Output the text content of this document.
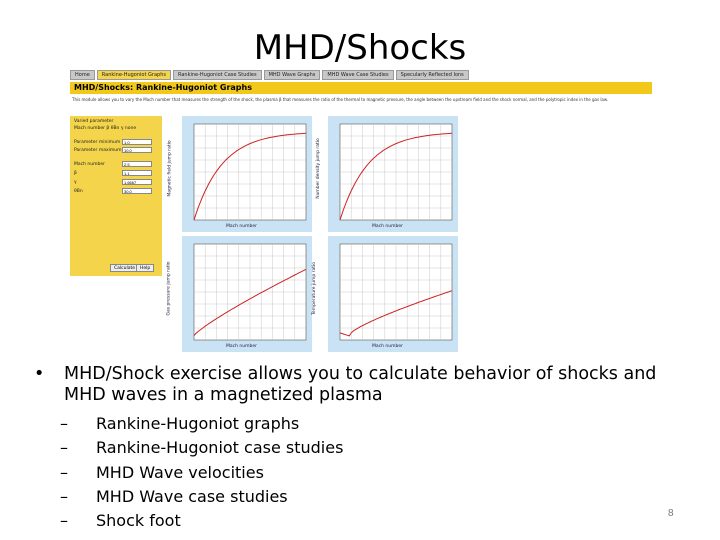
MHD/Shocks
Home	Rankine-Hugoniot Graphs	Rankine-Hugoniot Case Studies	MHD Wave Graphs	MHD Wave Case Studies	Specularly Reflected Ions
MHD/Shocks: Rankine-Hugoniot Graphs
This module allows you to vary the Mach number that measures the strength of the shock, the plasma β that measures the ratio of the thermal to magnetic pressure, the angle between the upstream field and the shock normal, and the polytropic index in the gas law.
Varied parameter
Mach number β θBn γ none
Parameter minimum 1.0
Parameter maximum 10.0
Mach number	2.5
β	1.1
γ	1.6667
θBn	30.0
Calculate	Help
Mach number
Magnetic field jump ratio
Mach number
Number density jump ratio
Mach number
Gas pressure jump ratio
Mach number
Temperature jump ratio
• MHD/Shock exercise allows you to calculate behavior of shocks and MHD waves in a magnetized plasma
– Rankine-Hugoniot graphs
– Rankine-Hugoniot case studies
– MHD Wave velocities
– MHD Wave case studies
– Shock foot	8
